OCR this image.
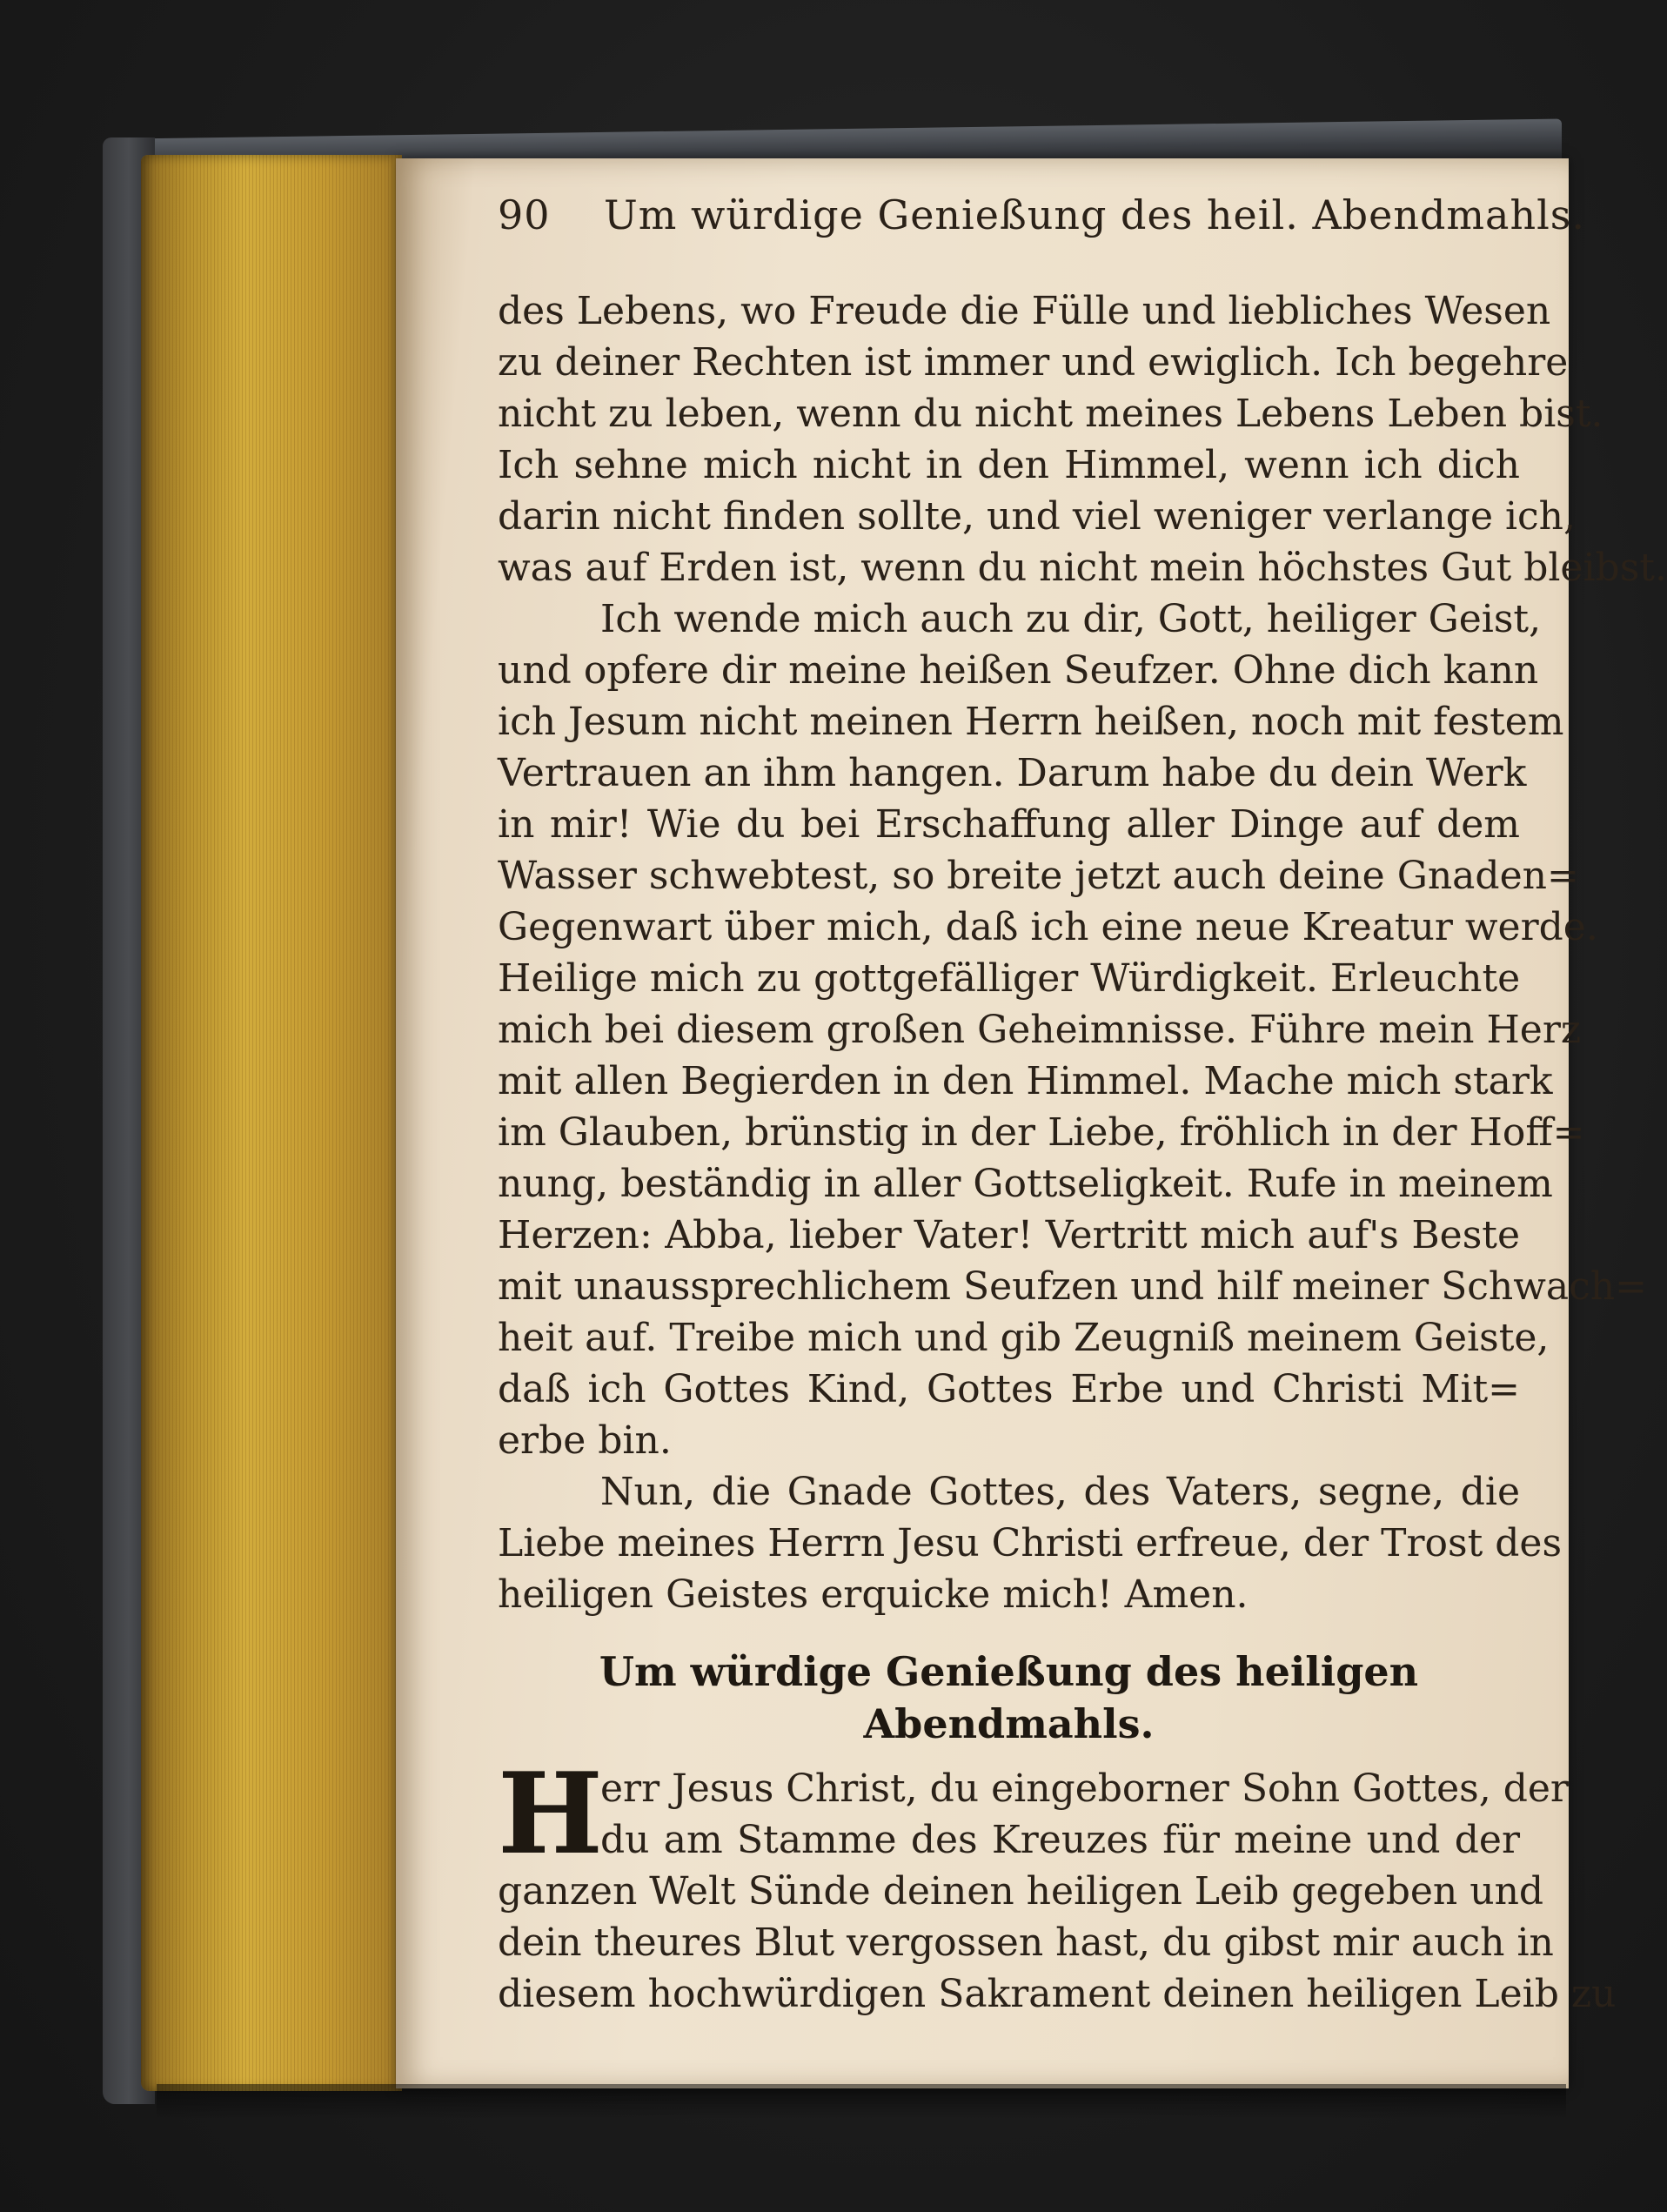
90 Um würdige Genießung des heil. Abendmahls.
des Lebens, wo Freude die Fülle und liebliches Wesen
zu deiner Rechten ist immer und ewiglich. Ich begehre
nicht zu leben, wenn du nicht meines Lebens Leben bist.
Ich sehne mich nicht in den Himmel, wenn ich dich
darin nicht finden sollte, und viel weniger verlange ich,
was auf Erden ist, wenn du nicht mein höchstes Gut bleibst.
Ich wende mich auch zu dir, Gott, heiliger Geist,
und opfere dir meine heißen Seufzer. Ohne dich kann
ich Jesum nicht meinen Herrn heißen, noch mit festem
Vertrauen an ihm hangen. Darum habe du dein Werk
in mir! Wie du bei Erschaffung aller Dinge auf dem
Wasser schwebtest, so breite jetzt auch deine Gnaden=
Gegenwart über mich, daß ich eine neue Kreatur werde.
Heilige mich zu gottgefälliger Würdigkeit. Erleuchte
mich bei diesem großen Geheimnisse. Führe mein Herz
mit allen Begierden in den Himmel. Mache mich stark
im Glauben, brünstig in der Liebe, fröhlich in der Hoff=
nung, beständig in aller Gottseligkeit. Rufe in meinem
Herzen: Abba, lieber Vater! Vertritt mich auf's Beste
mit unaussprechlichem Seufzen und hilf meiner Schwach=
heit auf. Treibe mich und gib Zeugniß meinem Geiste,
daß ich Gottes Kind, Gottes Erbe und Christi Mit=
erbe bin.
Nun, die Gnade Gottes, des Vaters, segne, die
Liebe meines Herrn Jesu Christi erfreue, der Trost des
heiligen Geistes erquicke mich! Amen.
Um würdige Genießung des heiligen
Abendmahls.
H
err Jesus Christ, du eingeborner Sohn Gottes, der
du am Stamme des Kreuzes für meine und der
ganzen Welt Sünde deinen heiligen Leib gegeben und
dein theures Blut vergossen hast, du gibst mir auch in
diesem hochwürdigen Sakrament deinen heiligen Leib zu
